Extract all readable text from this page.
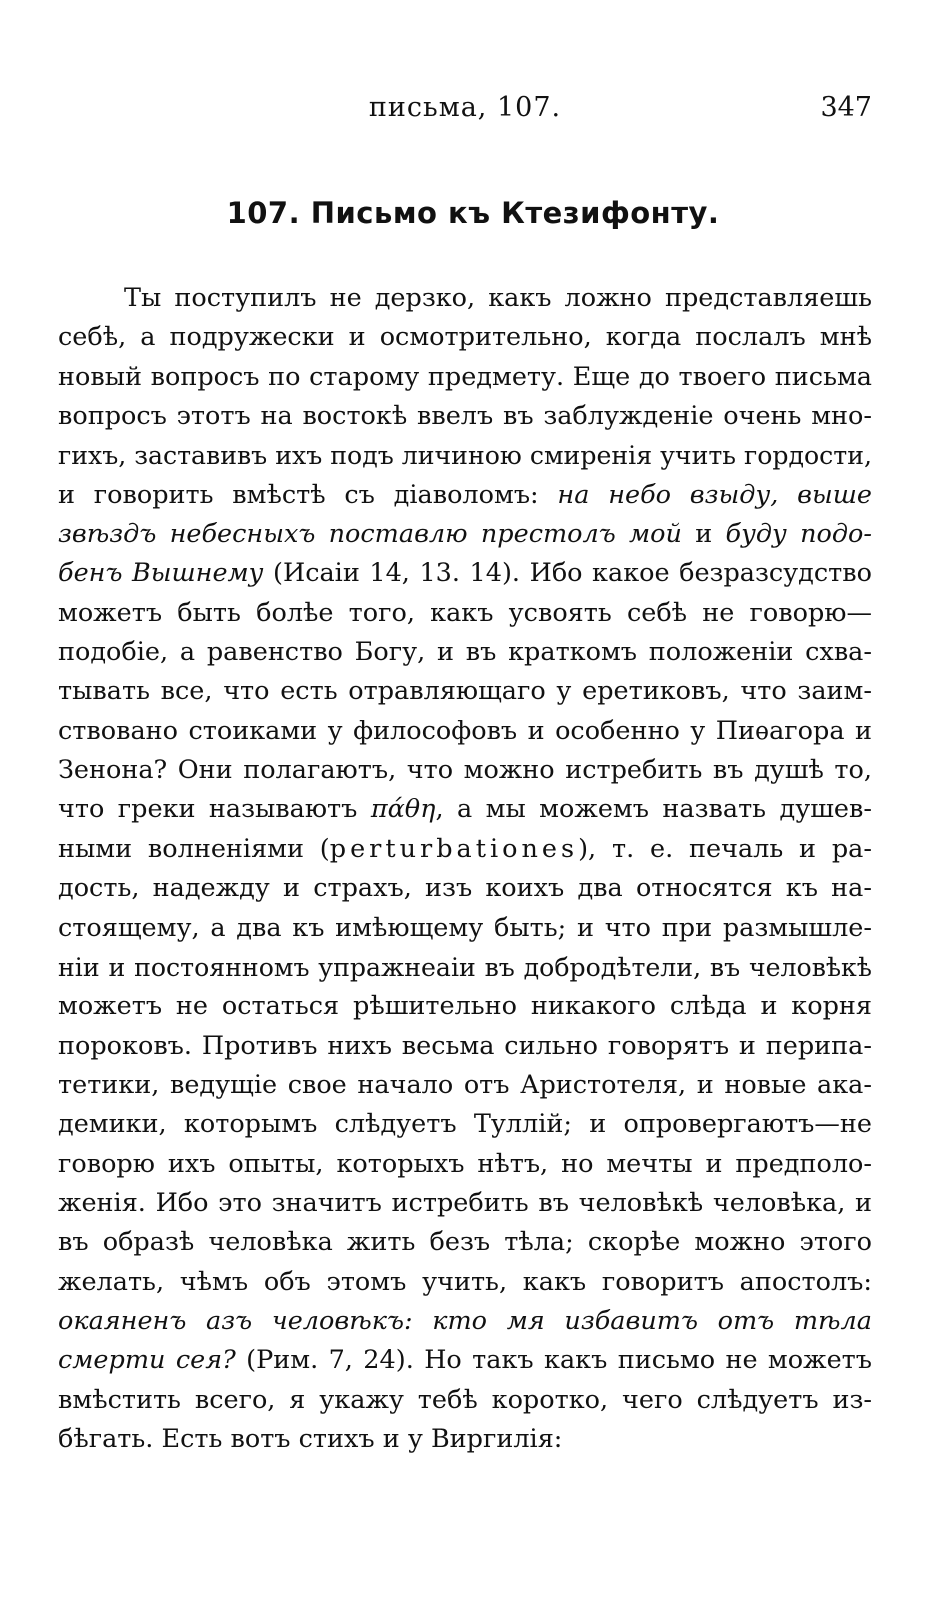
письма, 107.	347
107. Письмо къ Ктезифонту.
Ты поступилъ не дерзко, какъ ложно представляешь
себѣ, а подружески и осмотрительно, когда послалъ мнѣ
новый вопросъ по старому предмету. Еще до твоего письма
вопросъ этотъ на востокѣ ввелъ въ заблужденіе очень мно-
гихъ, заставивъ ихъ подъ личиною смиренія учить гордости,
и говорить вмѣстѣ съ діаволомъ: на небо взыду, выше
звѣздъ небесныхъ поставлю престолъ мой и буду подо-
бенъ Вышнему (Исаіи 14, 13. 14). Ибо какое безразсудство
можетъ быть болѣе того, какъ усвоять себѣ не говорю—
подобіе, а равенство Богу, и въ краткомъ положеніи схва-
тывать все, что есть отравляющаго у еретиковъ, что заим-
ствовано стоиками у философовъ и особенно у Пиѳагора и
Зенона? Они полагаютъ, что можно истребить въ душѣ то,
что греки называютъ πάθη, а мы можемъ назвать душев-
ными волненіями (perturbationes), т. е. печаль и ра-
дость, надежду и страхъ, изъ коихъ два относятся къ на-
стоящему, а два къ имѣющему быть; и что при размышле-
ніи и постоянномъ упражнеаіи въ добродѣтели, въ человѣкѣ
можетъ не остаться рѣшительно никакого слѣда и корня
пороковъ. Противъ нихъ весьма сильно говорятъ и перипа-
тетики, ведущіе свое начало отъ Аристотеля, и новые ака-
демики, которымъ слѣдуетъ Туллій; и опровергаютъ—не
говорю ихъ опыты, которыхъ нѣтъ, но мечты и предполо-
женія. Ибо это значитъ истребить въ человѣкѣ человѣка, и
въ образѣ человѣка жить безъ тѣла; скорѣе можно этого
желать, чѣмъ объ этомъ учить, какъ говоритъ апостолъ:
окаяненъ азъ человѣкъ: кто мя избавитъ отъ тѣла
смерти сея? (Рим. 7, 24). Но такъ какъ письмо не можетъ
вмѣстить всего, я укажу тебѣ коротко, чего слѣдуетъ из-
бѣгать. Есть вотъ стихъ и у Виргилія:
